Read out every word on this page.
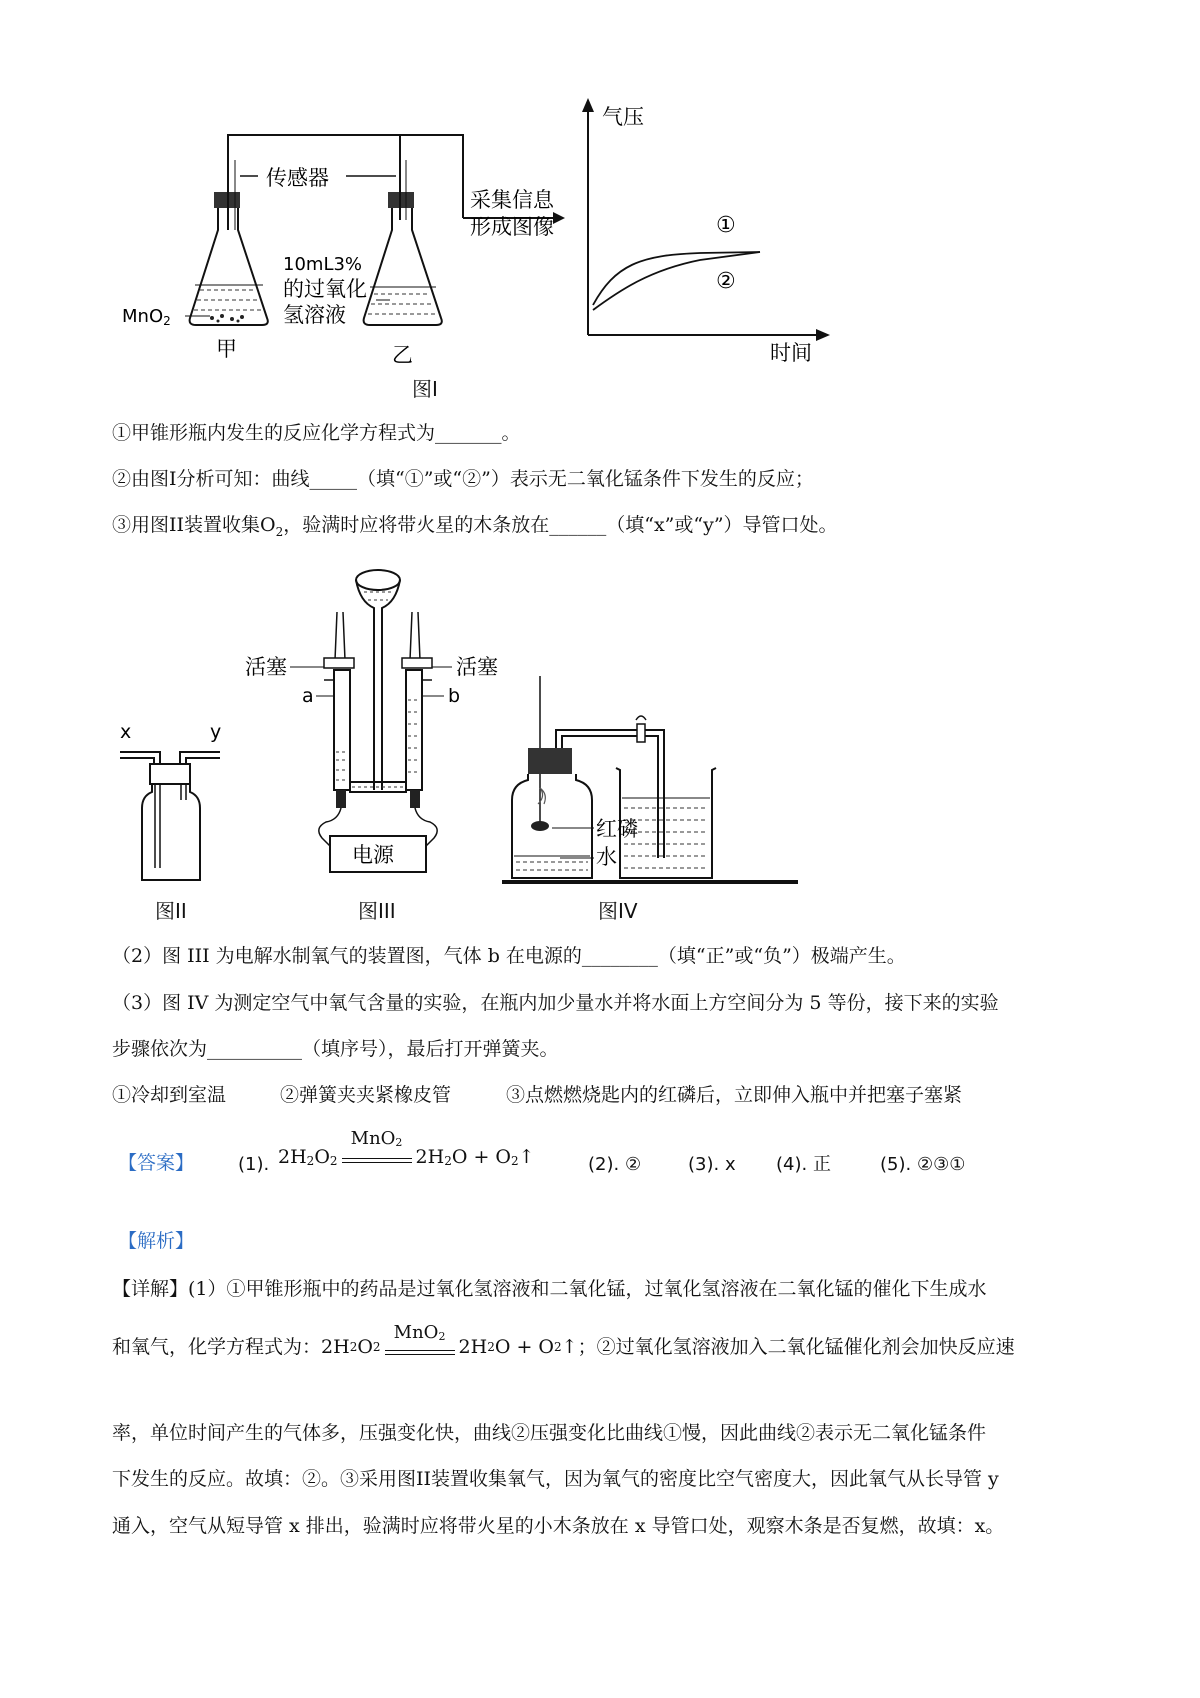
传感器
采集信息
形成图像
10mL3%
的过氧化
氢溶液
MnO2
甲	乙
气压
时间
①
②
图I
①甲锥形瓶内发生的反应化学方程式为_______。
②由图I分析可知：曲线_____（填“①”或“②”）表示无二氧化锰条件下发生的反应；
③用图II装置收集$O_2$，验满时应将带火星的木条放在______（填“x”或“y”）导管口处。
x	y
电源
活塞	活塞
a	b
红磷
水
图II	图III	图IV
（2）图 III 为电解水制氧气的装置图，气体 b 在电源的________（填“正”或“负”）极端产生。
（3）图 IV 为测定空气中氧气含量的实验，在瓶内加少量水并将水面上方空间分为 5 等份，接下来的实验
步骤依次为__________（填序号），最后打开弹簧夹。
①冷却到室温	②弹簧夹夹紧橡皮管	③点燃燃烧匙内的红磷后，立即伸入瓶中并把塞子塞紧
【答案】 (1). $2H_2$ $O_2$
MnO$_2$
$2H_2$ $O + O_2$ ↑	(2). ②	(3). x (4). 正	(5). ②③①
【解析】
【详解】(1）①甲锥形瓶中的药品是过氧化氢溶液和二氧化锰，过氧化氢溶液在二氧化锰的催化下生成水
和氧气，化学方程式为： 2H 2 O 2
MnO$_2$ 2H 2 O + O 2 ↑ ；②过氧化氢溶液加入二氧化锰催化剂会加快反应速
率，单位时间产生的气体多，压强变化快，曲线②压强变化比曲线①慢，因此曲线②表示无二氧化锰条件
下发生的反应。故填：②。③采用图II装置收集氧气，因为氧气的密度比空气密度大，因此氧气从长导管 y
通入，空气从短导管 x 排出，验满时应将带火星的小木条放在 x 导管口处，观察木条是否复燃，故填：x。
